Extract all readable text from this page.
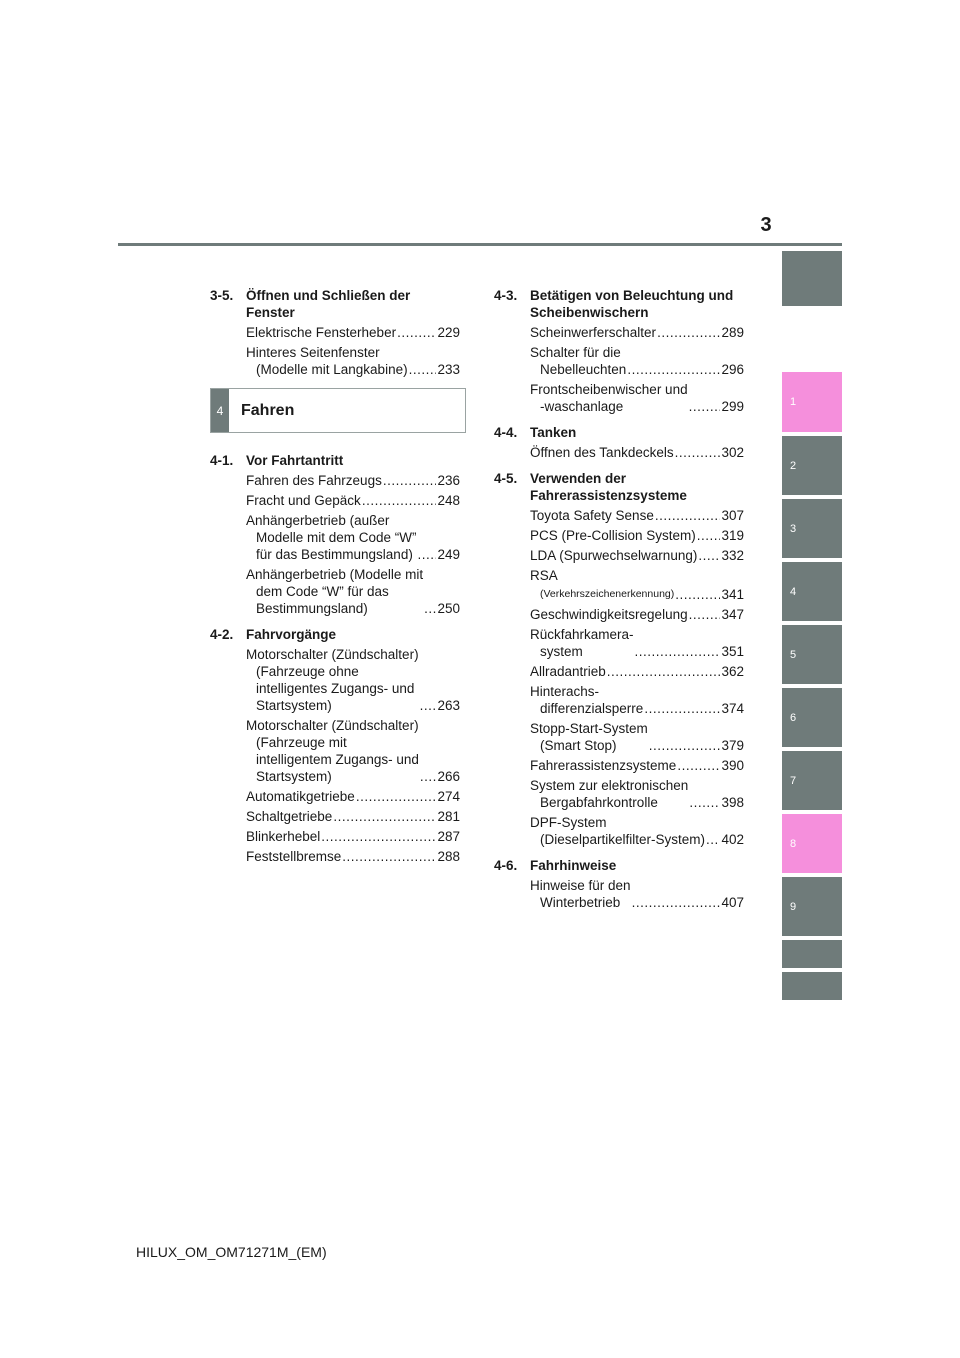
3
3-5. Öffnen und Schließen der Fenster
Elektrische Fensterheber .....	229
Hinteres Seitenfenster
(Modelle mit Langkabine) ..... 233
4	Fahren
4-1. Vor Fahrtantritt
Fahren des Fahrzeugs .....	236
Fracht und Gepäck .....	248
Anhängerbetrieb (außer
Modelle mit dem Code “W”
für das Bestimmungsland) ..... 249
Anhängerbetrieb (Modelle mit
dem Code “W” für das
Bestimmungsland) .....	250
4-2. Fahrvorgänge
Motorschalter (Zündschalter)
(Fahrzeuge ohne
intelligentes Zugangs- und
Startsystem) .....	263
Motorschalter (Zündschalter)
(Fahrzeuge mit
intelligentem Zugangs- und
Startsystem) .....	266
Automatikgetriebe .....	274
Schaltgetriebe .....	281
Blinkerhebel .....	287
Feststellbremse .....	288
4-3. Betätigen von Beleuchtung und Scheibenwischern
Scheinwerferschalter .....	289
Schalter für die
Nebelleuchten .....	296
Frontscheibenwischer und
-waschanlage .....	299
4-4. Tanken
Öffnen des Tankdeckels .....	302
4-5. Verwenden der Fahrerassistenzsysteme
Toyota Safety Sense .....	307
PCS (Pre-Collision System) ..... 319
LDA (Spurwechselwarnung) ..... 332
RSA
(Verkehrszeichenerkennung) .....	341
Geschwindigkeitsregelung .....	347
Rückfahrkamera-
system .....	351
Allradantrieb .....	362
Hinterachs-
differenzialsperre .....	374
Stopp-Start-System
(Smart Stop) .....	379
Fahrerassistenzsysteme .....	390
System zur elektronischen
Bergabfahrkontrolle .....	398
DPF-System
(Dieselpartikelfilter-System) ..... 402
4-6. Fahrhinweise
Hinweise für den
Winterbetrieb .....	407
1
2
3
4
5
6
7
8
9
HILUX_OM_OM71271M_(EM)
